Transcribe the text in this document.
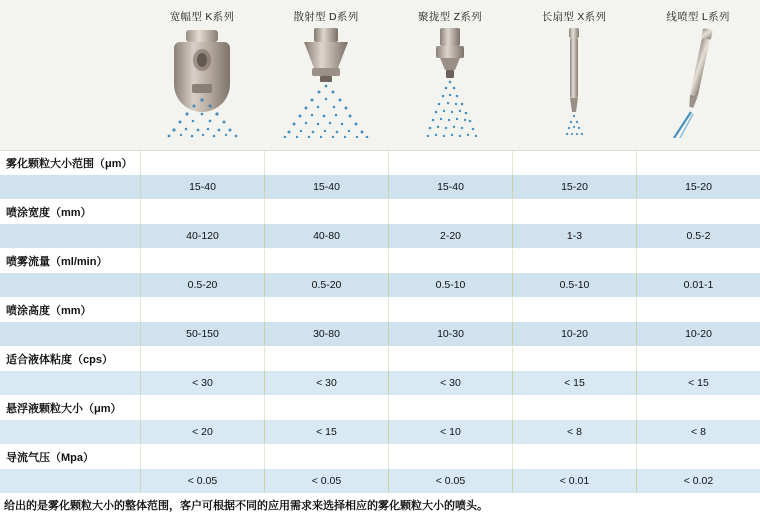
宽幅型 K系列	散射型 D系列	聚拢型 Z系列	长扇型 X系列	线喷型 L系列
雾化颗粒大小范围（μm）
15-40	15-40	15-40	15-20	15-20
喷涂宽度（mm）
40-120	40-80	2-20	1-3	0.5-2
喷雾流量（ml/min）
0.5-20	0.5-20	0.5-10	0.5-10	0.01-1
喷涂高度（mm）
50-150	30-80	10-30	10-20	10-20
适合液体粘度（cps）
< 30	< 30	< 30	< 15	< 15
悬浮液颗粒大小（μm）
< 20	< 15	< 10	< 8	< 8
导流气压（Mpa）
< 0.05	< 0.05	< 0.05	< 0.01	< 0.02
给出的是雾化颗粒大小的整体范围，客户可根据不同的应用需求来选择相应的雾化颗粒大小的喷头。
